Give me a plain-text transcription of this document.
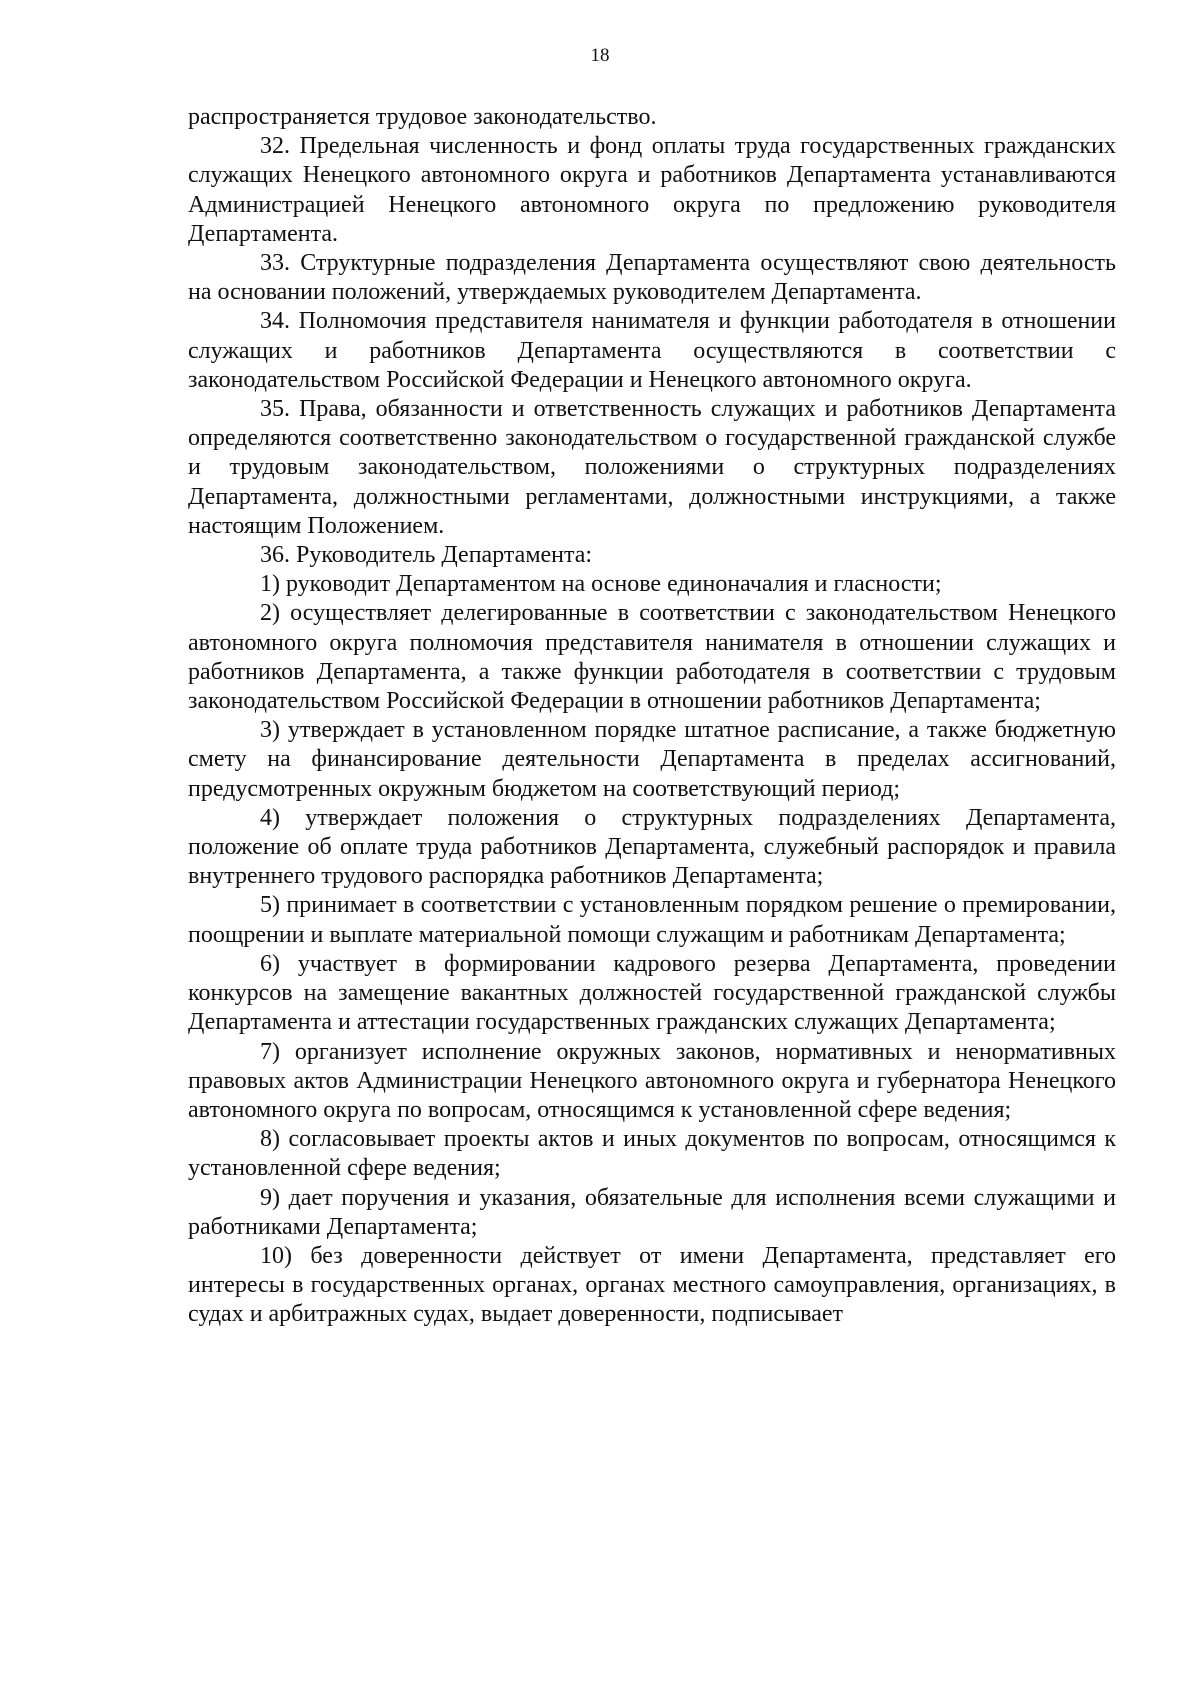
18

распространяется трудовое законодательство.

32. Предельная численность и фонд оплаты труда государственных гражданских служащих Ненецкого автономного округа и работников Департамента устанавливаются Администрацией Ненецкого автономного округа по предложению руководителя Департамента.

33. Структурные подразделения Департамента осуществляют свою деятельность на основании положений, утверждаемых руководителем Департамента.

34. Полномочия представителя нанимателя и функции работодателя в отношении служащих и работников Департамента осуществляются в соответствии с законодательством Российской Федерации и Ненецкого автономного округа.

35. Права, обязанности и ответственность служащих и работников Департамента определяются соответственно законодательством о государственной гражданской службе и трудовым законодательством, положениями о структурных подразделениях Департамента, должностными регламентами, должностными инструкциями, а также настоящим Положением.

36. Руководитель Департамента:

1) руководит Департаментом на основе единоначалия и гласности;

2) осуществляет делегированные в соответствии с законодательством Ненецкого автономного округа полномочия представителя нанимателя в отношении служащих и работников Департамента, а также функции работодателя в соответствии с трудовым законодательством Российской Федерации в отношении работников Департамента;

3) утверждает в установленном порядке штатное расписание, а также бюджетную смету на финансирование деятельности Департамента в пределах ассигнований, предусмотренных окружным бюджетом на соответствующий период;

4) утверждает положения о структурных подразделениях Департамента, положение об оплате труда работников Департамента, служебный распорядок и правила внутреннего трудового распорядка работников Департамента;

5) принимает в соответствии с установленным порядком решение о премировании, поощрении и выплате материальной помощи служащим и работникам Департамента;

6) участвует в формировании кадрового резерва Департамента, проведении конкурсов на замещение вакантных должностей государственной гражданской службы Департамента и аттестации государственных гражданских служащих Департамента;

7) организует исполнение окружных законов, нормативных и ненормативных правовых актов Администрации Ненецкого автономного округа и губернатора Ненецкого автономного округа по вопросам, относящимся к установленной сфере ведения;

8) согласовывает проекты актов и иных документов по вопросам, относящимся к установленной сфере ведения;

9) дает поручения и указания, обязательные для исполнения всеми служащими и работниками Департамента;

10) без доверенности действует от имени Департамента, представляет его интересы в государственных органах, органах местного самоуправления, организациях, в судах и арбитражных судах, выдает доверенности, подписывает
